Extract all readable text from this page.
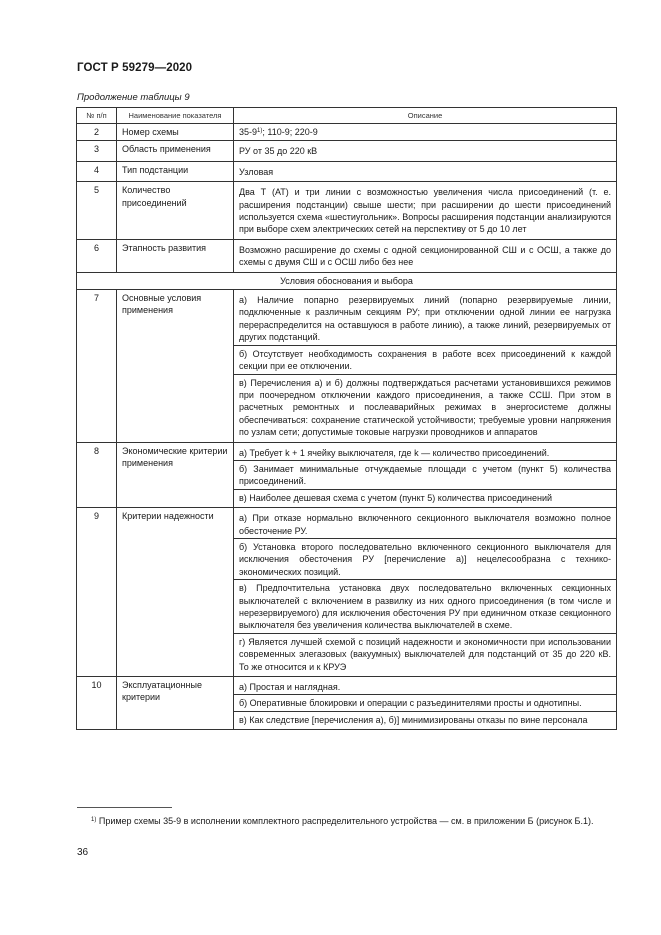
ГОСТ Р 59279—2020
Продолжение таблицы 9
№ п/п	Наименование показателя	Описание
2	Номер схемы	35-9$^{1)}$; 110-9; 220-9
3	Область применения	РУ от 35 до 220 кВ

4	Тип подстанции	Узловая

5	Количество присоединений	Два Т (АТ) и три линии с возможностью увеличения числа присоединений (т. е. расширения подстанции) свыше шести; при расширении до шести присоединений используется схема «шестиугольник». Вопросы расширения подстанции анализируются при выборе схем электрических сетей на перспективу от 5 до 10 лет

6	Этапность развития	Возможно расширение до схемы с одной секционированной СШ и с ОСШ, а также до схемы с двумя СШ и с ОСШ либо без нее

Условия обоснования и выбора		
7	Основные условия применения	а) Наличие попарно резервируемых линий (попарно резервируемые линии, подключенные к различным секциям РУ; при отключении одной линии ее нагрузка перераспределится на оставшуюся в работе линию), а также линий, резервируемых от других подстанций.
б) Отсутствует необходимость сохранения в работе всех присоединений к каждой секции при ее отключении.
в) Перечисления а) и б) должны подтверждаться расчетами установившихся режимов при поочередном отключении каждого присоединения, а также ССШ. При этом в расчетных ремонтных и послеаварийных режимах в энергосистеме должны обеспечиваться: сохранение статической устойчивости; требуемые уровни напряжения по узлам сети; допустимые токовые нагрузки проводников и аппаратов

8	Экономические критерии применения	а) Требует k + 1 ячейку выключателя, где k — количество присоединений.
б) Занимает минимальные отчуждаемые площади с учетом (пункт 5) количества присоединений.
в) Наиболее дешевая схема с учетом (пункт 5) количества присоединений

9	Критерии надежности	а) При отказе нормально включенного секционного выключателя возможно полное обесточение РУ.
б) Установка второго последовательно включенного секционного выключателя для исключения обесточения РУ [перечисление а)] нецелесообразна с технико-экономических позиций.
в) Предпочтительна установка двух последовательно включенных секционных выключателей с включением в развилку из них одного присоединения (в том числе и нерезервируемого) для исключения обесточения РУ при единичном отказе секционного выключателя без увеличения количества выключателей в схеме.
г) Является лучшей схемой с позиций надежности и экономичности при использовании современных элегазовых (вакуумных) выключателей для подстанций от 35 до 220 кВ. То же относится и к КРУЭ

10	Эксплуатационные критерии	а) Простая и наглядная.
б) Оперативные блокировки и операции с разъединителями просты и однотипны.
в) Как следствие [перечисления а), б)] минимизированы отказы по вине персонала
$^{1)}$ Пример схемы 35-9 в исполнении комплектного распределительного устройства — см. в приложении Б (рисунок Б.1).
36
